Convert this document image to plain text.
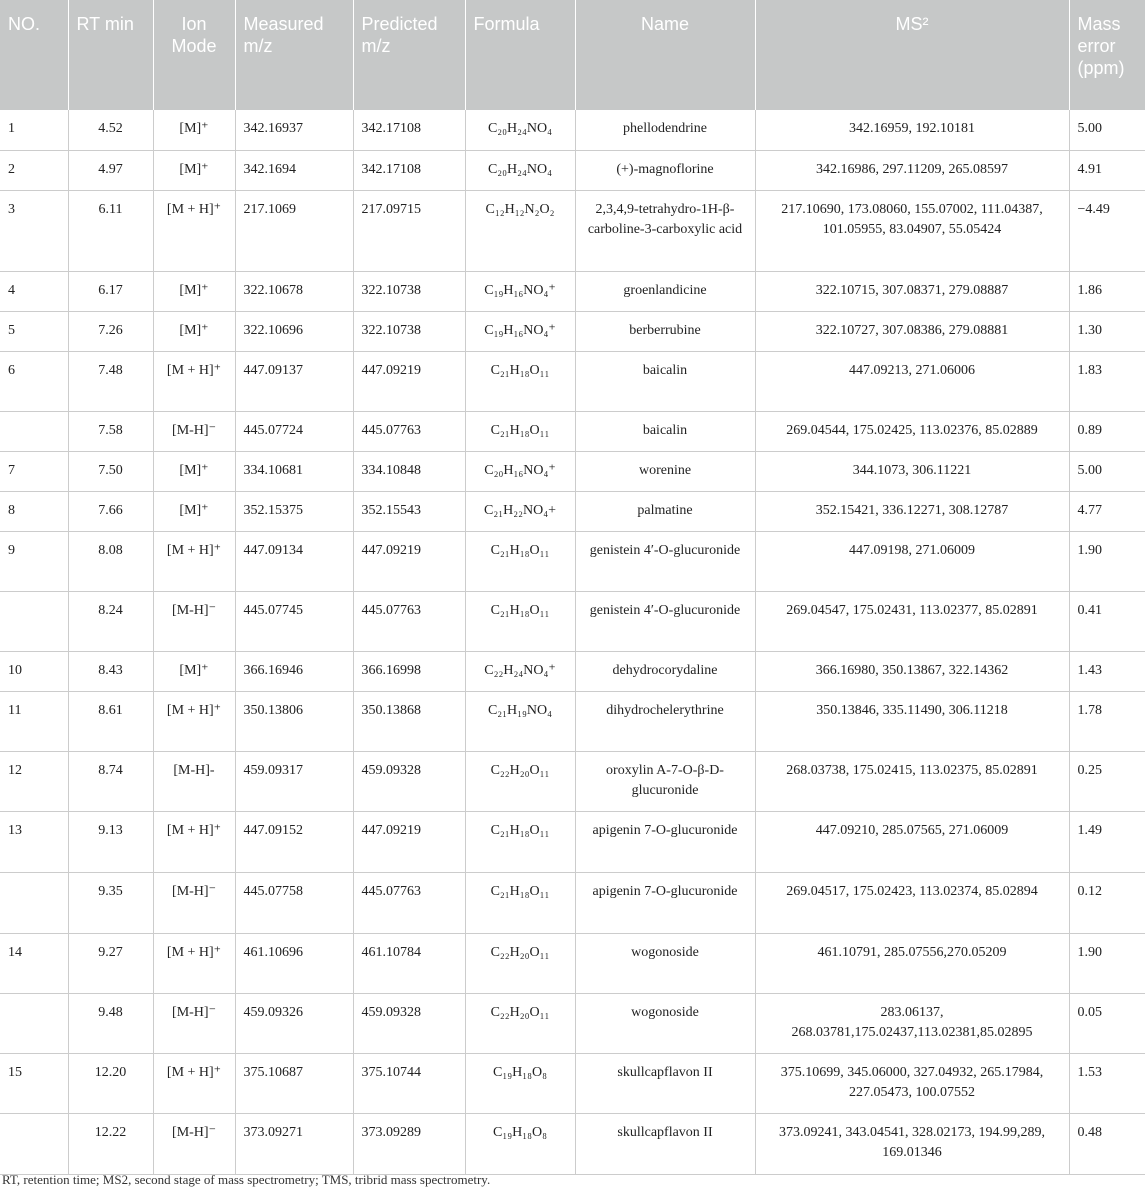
NO.	RT min	Ion Mode	Measured m/z	Predicted m/z	Formula	Name	MS²	Mass error (ppm)
1	4.52	[M]⁺	342.16937	342.17108	C₂₀H₂₄NO₄	phellodendrine	342.16959, 192.10181	5.00
2	4.97	[M]⁺	342.1694	342.17108	C₂₀H₂₄NO₄	(+)-magnoflorine	342.16986, 297.11209, 265.08597	4.91
3	6.11	[M + H]⁺	217.1069	217.09715	C₁₂H₁₂N₂O₂	2,3,4,9-tetrahydro-1H-β-carboline-3-carboxylic acid	217.10690, 173.08060, 155.07002, 111.04387, 101.05955, 83.04907, 55.05424	−4.49
4	6.17	[M]⁺	322.10678	322.10738	C₁₉H₁₆NO₄⁺	groenlandicine	322.10715, 307.08371, 279.08887	1.86
5	7.26	[M]⁺	322.10696	322.10738	C₁₉H₁₆NO₄⁺	berberrubine	322.10727, 307.08386, 279.08881	1.30
6	7.48	[M + H]⁺	447.09137	447.09219	C₂₁H₁₈O₁₁	baicalin	447.09213, 271.06006	1.83
	7.58	[M-H]⁻	445.07724	445.07763	C₂₁H₁₈O₁₁	baicalin	269.04544, 175.02425, 113.02376, 85.02889	0.89
7	7.50	[M]⁺	334.10681	334.10848	C₂₀H₁₆NO₄⁺	worenine	344.1073, 306.11221	5.00
8	7.66	[M]⁺	352.15375	352.15543	C₂₁H₂₂NO₄+	palmatine	352.15421, 336.12271, 308.12787	4.77
9	8.08	[M + H]⁺	447.09134	447.09219	C₂₁H₁₈O₁₁	genistein 4′-O-glucuronide	447.09198, 271.06009	1.90
	8.24	[M-H]⁻	445.07745	445.07763	C₂₁H₁₈O₁₁	genistein 4′-O-glucuronide	269.04547, 175.02431, 113.02377, 85.02891	0.41
10	8.43	[M]⁺	366.16946	366.16998	C₂₂H₂₄NO₄⁺	dehydrocorydaline	366.16980, 350.13867, 322.14362	1.43
11	8.61	[M + H]⁺	350.13806	350.13868	C₂₁H₁₉NO₄	dihydrochelerythrine	350.13846, 335.11490, 306.11218	1.78
12	8.74	[M-H]-	459.09317	459.09328	C₂₂H₂₀O₁₁	oroxylin A-7-O-β-D-glucuronide	268.03738, 175.02415, 113.02375, 85.02891	0.25
13	9.13	[M + H]⁺	447.09152	447.09219	C₂₁H₁₈O₁₁	apigenin 7-O-glucuronide	447.09210, 285.07565, 271.06009	1.49
	9.35	[M-H]⁻	445.07758	445.07763	C₂₁H₁₈O₁₁	apigenin 7-O-glucuronide	269.04517, 175.02423, 113.02374, 85.02894	0.12
14	9.27	[M + H]⁺	461.10696	461.10784	C₂₂H₂₀O₁₁	wogonoside	461.10791, 285.07556,270.05209	1.90
	9.48	[M-H]⁻	459.09326	459.09328	C₂₂H₂₀O₁₁	wogonoside	283.06137, 268.03781,175.02437,113.02381,85.02895	0.05
15	12.20	[M + H]⁺	375.10687	375.10744	C₁₉H₁₈O₈	skullcapflavon II	375.10699, 345.06000, 327.04932, 265.17984, 227.05473, 100.07552	1.53
	12.22	[M-H]⁻	373.09271	373.09289	C₁₉H₁₈O₈	skullcapflavon II	373.09241, 343.04541, 328.02173, 194.99,289, 169.01346	0.48
RT, retention time; MS2, second stage of mass spectrometry; TMS, tribrid mass spectrometry.
